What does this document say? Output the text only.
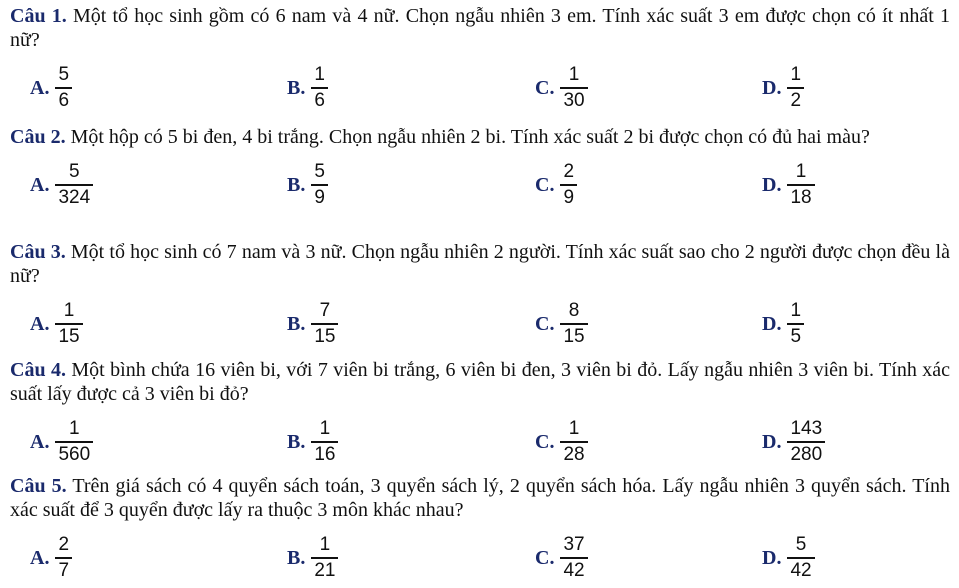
Câu 1. Một tổ học sinh gồm có 6 nam và 4 nữ. Chọn ngẫu nhiên 3 em. Tính xác suất 3 em được chọn có ít nhất 1 nữ?

A. $\frac{5}{6}$	B. $\frac{1}{6}$	C. $\frac{1}{30}$	D. $\frac{1}{2}$

Câu 2. Một hộp có 5 bi đen, 4 bi trắng. Chọn ngẫu nhiên 2 bi. Tính xác suất 2 bi được chọn có đủ hai màu?

A. $\frac{5}{324}$	B. $\frac{5}{9}$	C. $\frac{2}{9}$	D. $\frac{1}{18}$

Câu 3. Một tổ học sinh có 7 nam và 3 nữ. Chọn ngẫu nhiên 2 người. Tính xác suất sao cho 2 người được chọn đều là nữ?

A. $\frac{1}{15}$	B. $\frac{7}{15}$	C. $\frac{8}{15}$	D. $\frac{1}{5}$

Câu 4. Một bình chứa 16 viên bi, với 7 viên bi trắng, 6 viên bi đen, 3 viên bi đỏ. Lấy ngẫu nhiên 3 viên bi. Tính xác suất lấy được cả 3 viên bi đỏ?

A. $\frac{1}{560}$	B. $\frac{1}{16}$	C. $\frac{1}{28}$	D. $\frac{143}{280}$

Câu 5. Trên giá sách có 4 quyển sách toán, 3 quyển sách lý, 2 quyển sách hóa. Lấy ngẫu nhiên 3 quyển sách. Tính xác suất để 3 quyển được lấy ra thuộc 3 môn khác nhau?

A. $\frac{2}{7}$	B. $\frac{1}{21}$	C. $\frac{37}{42}$	D. $\frac{5}{42}$
